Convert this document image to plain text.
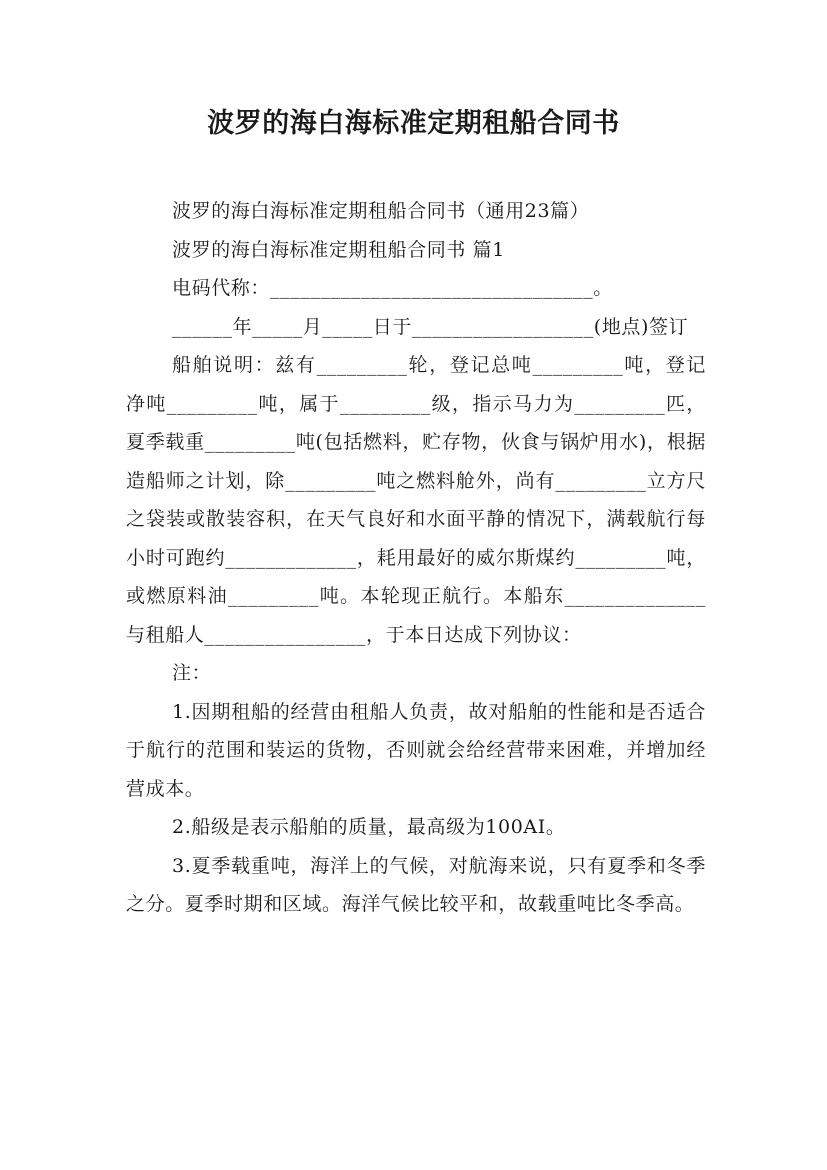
波罗的海白海标准定期租船合同书

波罗的海白海标准定期租船合同书（通用23篇）

波罗的海白海标准定期租船合同书 篇1

电码代称：________________________________。

______年_____月_____日于__________________(地点)签订

船舶说明：兹有_________轮，登记总吨_________吨，登记净吨_________吨，属于_________级，指示马力为_________匹，夏季载重_________吨(包括燃料，贮存物，伙食与锅炉用水)，根据造船师之计划，除_________吨之燃料舱外，尚有_________立方尺之袋装或散装容积，在天气良好和水面平静的情况下，满载航行每小时可跑约_____________，耗用最好的威尔斯煤约_________吨，或燃原料油_________吨。本轮现正航行。本船东______________与租船人________________，于本日达成下列协议：

注：

1.因期租船的经营由租船人负责，故对船舶的性能和是否适合于航行的范围和装运的货物，否则就会给经营带来困难，并增加经营成本。

2.船级是表示船舶的质量，最高级为100AI。

3.夏季载重吨，海洋上的气候，对航海来说，只有夏季和冬季之分。夏季时期和区域。海洋气候比较平和，故载重吨比冬季高。
